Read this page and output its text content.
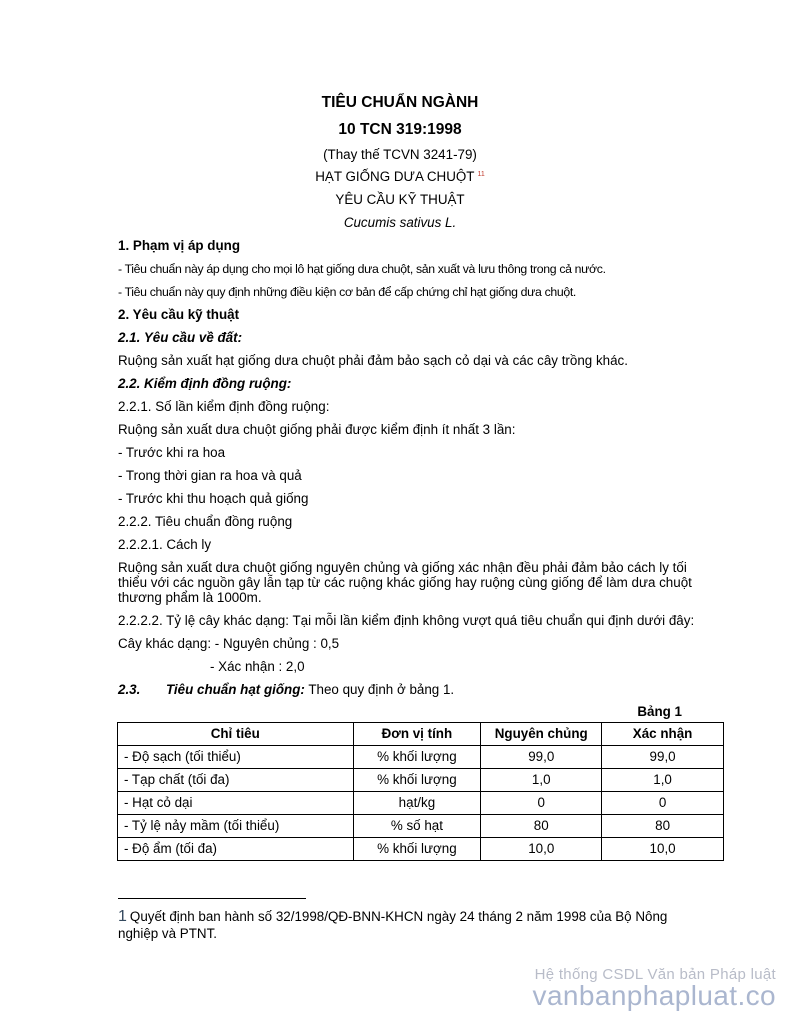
TIÊU CHUẨN NGÀNH
10 TCN 319:1998
(Thay thế TCVN 3241-79)
HẠT GIỐNG DƯA CHUỘT $^{11}$
YÊU CẦU KỸ THUẬT
Cucumis sativus L.
1. Phạm vị áp dụng
- Tiêu chuẩn này áp dụng cho mọi lô hạt giống dưa chuột, sản xuất và lưu thông trong cả nước.
- Tiêu chuẩn này quy định những điều kiện cơ bản để cấp chứng chỉ hạt giống dưa chuột.
2. Yêu cầu kỹ thuật
2.1. Yêu cầu về đất:
Ruộng sản xuất hạt giống dưa chuột phải đảm bảo sạch cỏ dại và các cây trồng khác.
2.2. Kiểm định đồng ruộng:
2.2.1. Số lần kiểm định đồng ruộng:
Ruộng sản xuất dưa chuột giống phải được kiểm định ít nhất 3 lần:
- Trước khi ra hoa
- Trong thời gian ra hoa và quả
- Trước khi thu hoạch quả giống
2.2.2. Tiêu chuẩn đồng ruộng
2.2.2.1. Cách ly
Ruộng sản xuất dưa chuột giống nguyên chủng và giống xác nhận đều phải đảm bảo cách ly tối
thiểu với các nguồn gây lẫn tạp từ các ruộng khác giống hay ruộng cùng giống để làm dưa chuột
thương phẩm là 1000m.
2.2.2.2. Tỷ lệ cây khác dạng: Tại mỗi lần kiểm định không vượt quá tiêu chuẩn qui định dưới đây:
Cây khác dạng: - Nguyên chủng : 0,5
- Xác nhận : 2,0
2.3. Tiêu chuẩn hạt giống: Theo quy định ở bảng 1.
Bảng 1
Chỉ tiêu	Đơn vị tính	Nguyên chủng	Xác nhận
- Độ sạch (tối thiểu)	% khối lượng	99,0	99,0
- Tạp chất (tối đa)	% khối lượng	1,0	1,0
- Hạt cỏ dại	hạt/kg	0	0
- Tỷ lệ nảy mầm (tối thiểu)	% số hạt	80	80
- Độ ẩm (tối đa)	% khối lượng	10,0	10,0
1 Quyết định ban hành số 32/1998/QĐ-BNN-KHCN ngày 24 tháng 2 năm 1998 của Bộ Nông
nghiệp và PTNT.
Hệ thống CSDL Văn bản Pháp luật
vanbanphapluat.co
